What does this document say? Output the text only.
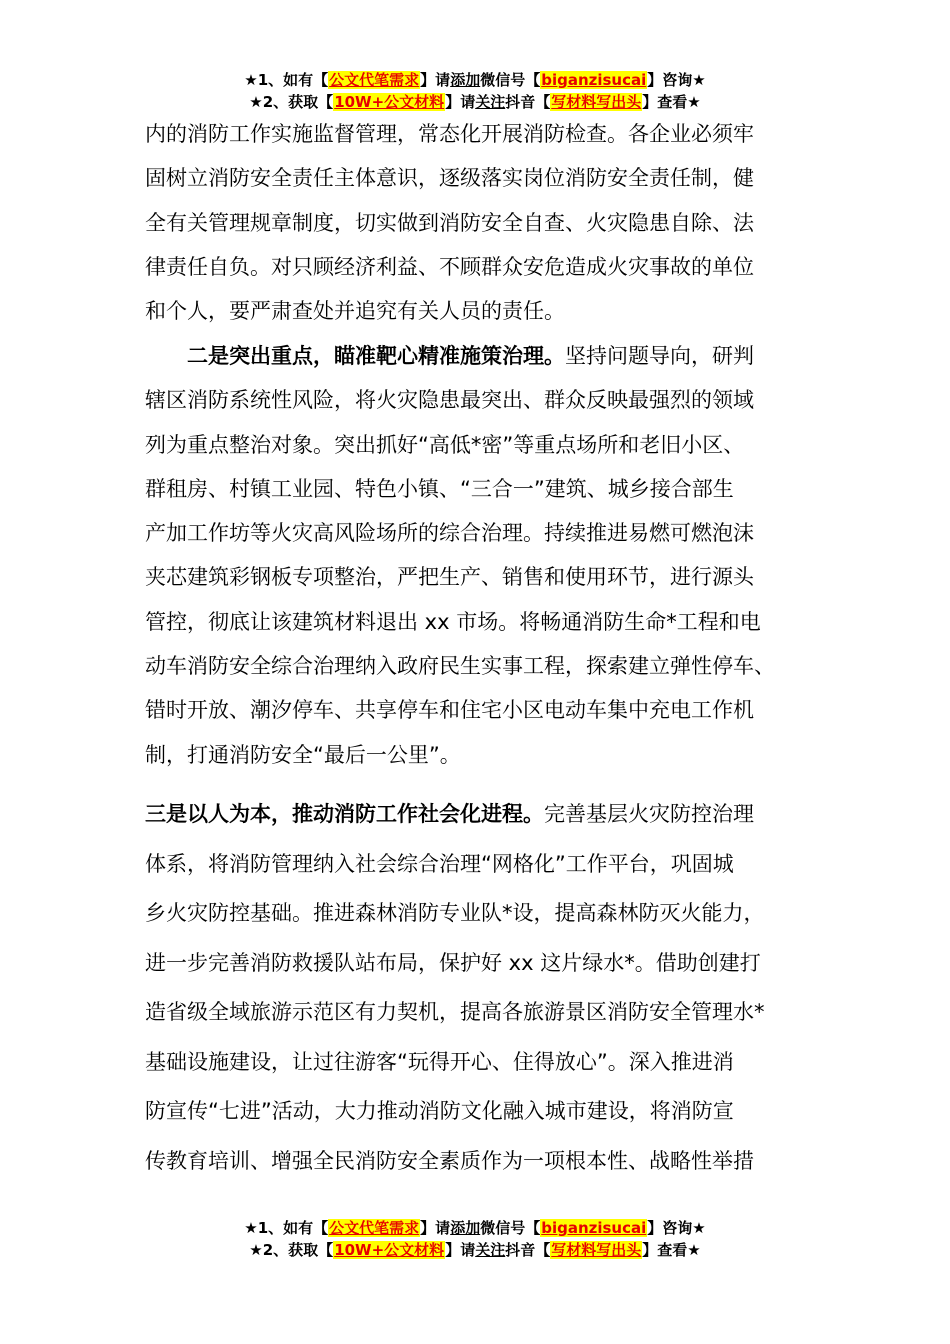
★1、如有【公文代笔需求】请添加微信号【biganzisucai】咨询★
★2、获取【10W+公文材料】请关注抖音【写材料写出头】查看★
内的消防工作实施监督管理，常态化开展消防检查。各企业必须牢
固树立消防安全责任主体意识，逐级落实岗位消防安全责任制，健
全有关管理规章制度，切实做到消防安全自查、火灾隐患自除、法
律责任自负。对只顾经济利益、不顾群众安危造成火灾事故的单位
和个人，要严肃查处并追究有关人员的责任。
二是突出重点，瞄准靶心精准施策治理。坚持问题导向，研判
辖区消防系统性风险，将火灾隐患最突出、群众反映最强烈的领域
列为重点整治对象。突出抓好“高低*密”等重点场所和老旧小区、
群租房、村镇工业园、特色小镇、“三合一”建筑、城乡接合部生
产加工作坊等火灾高风险场所的综合治理。持续推进易燃可燃泡沫
夹芯建筑彩钢板专项整治，严把生产、销售和使用环节，进行源头
管控，彻底让该建筑材料退出 xx 市场。将畅通消防生命*工程和电
动车消防安全综合治理纳入政府民生实事工程，探索建立弹性停车、
错时开放、潮汐停车、共享停车和住宅小区电动车集中充电工作机
制，打通消防安全“最后一公里”。
三是以人为本，推动消防工作社会化进程。完善基层火灾防控治理
体系，将消防管理纳入社会综合治理“网格化”工作平台，巩固城
乡火灾防控基础。推进森林消防专业队*设，提高森林防灭火能力，
进一步完善消防救援队站布局，保护好 xx 这片绿水*。借助创建打
造省级全域旅游示范区有力契机，提高各旅游景区消防安全管理水*
基础设施建设，让过往游客“玩得开心、住得放心”。深入推进消
防宣传“七进”活动，大力推动消防文化融入城市建设，将消防宣
传教育培训、增强全民消防安全素质作为一项根本性、战略性举措
★1、如有【公文代笔需求】请添加微信号【biganzisucai】咨询★
★2、获取【10W+公文材料】请关注抖音【写材料写出头】查看★
